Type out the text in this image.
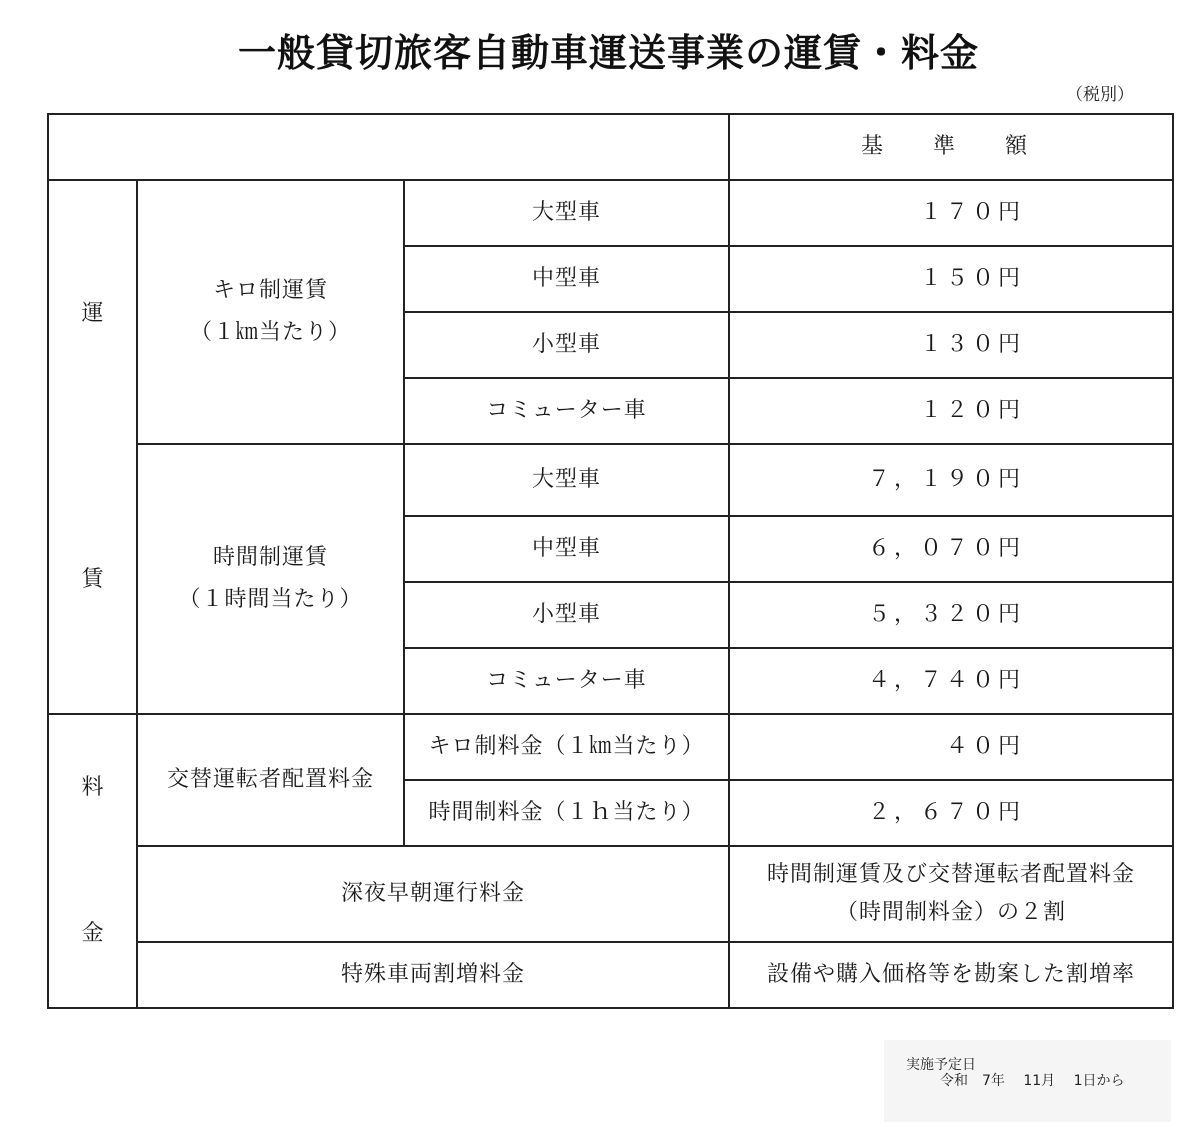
一般貸切旅客自動車運送事業の運賃・料金
（税別）
			基　準　額

運
賃	キロ制運賃
（１㎞当たり）	大型車	１７０円
		中型車	１５０円
		小型車	１３０円
		コミューター車	１２０円

	時間制運賃
（１時間当たり）	大型車	７，１９０円
		中型車	６，０７０円
		小型車	５，３２０円
		コミューター車	４，７４０円

料
金	交替運転者配置料金	キロ制料金（１㎞当たり）	４０円
		時間制料金（１ｈ当たり）	２，６７０円
	深夜早朝運行料金		時間制運賃及び交替運転者配置料金
（時間制料金）の２割

	特殊車両割増料金		設備や購入価格等を勘案した割増率
実施予定日
令和　7年　 11月　 1日から
